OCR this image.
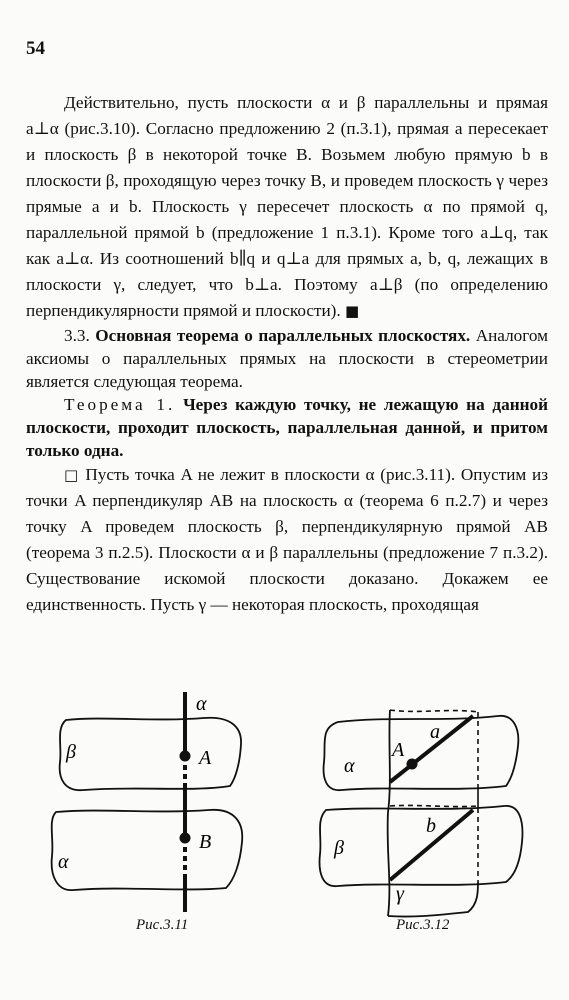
54

Действительно, пусть плоскости α и β параллельны и прямая a⊥α (рис.3.10). Согласно предложению 2 (п.3.1), прямая a пересекает и плоскость β в некоторой точке B. Возьмем любую прямую b в плоскости β, проходящую через точку B, и проведем плоскость γ через прямые a и b. Плоскость γ пересечет плоскость α по прямой q, параллельной прямой b (предложение 1 п.3.1). Кроме того a⊥q, так как a⊥α. Из соотношений b∥q и q⊥a для прямых a, b, q, лежащих в плоскости γ, следует, что b⊥a. Поэтому a⊥β (по определению перпендикулярности прямой и плоскости). ■

3.3. Основная теорема о параллельных плоскостях. Аналогом аксиомы о параллельных прямых на плоскости в стереометрии является следующая теорема.

Теорема 1. Через каждую точку, не лежащую на данной плоскости, проходит плоскость, параллельная данной, и притом только одна.

□ Пусть точка A не лежит в плоскости α (рис.3.11). Опустим из точки A перпендикуляр AB на плоскость α (теорема 6 п.2.7) и через точку A проведем плоскость β, перпендикулярную прямой AB (теорема 3 п.2.5). Плоскости α и β параллельны (предложение 7 п.3.2). Существование искомой плоскости доказано. Докажем ее единственность. Пусть γ — некоторая плоскость, проходящая

α
β
α
A
B
α
a
A
β
b
γ
Рис.3.11	Рис.3.12
